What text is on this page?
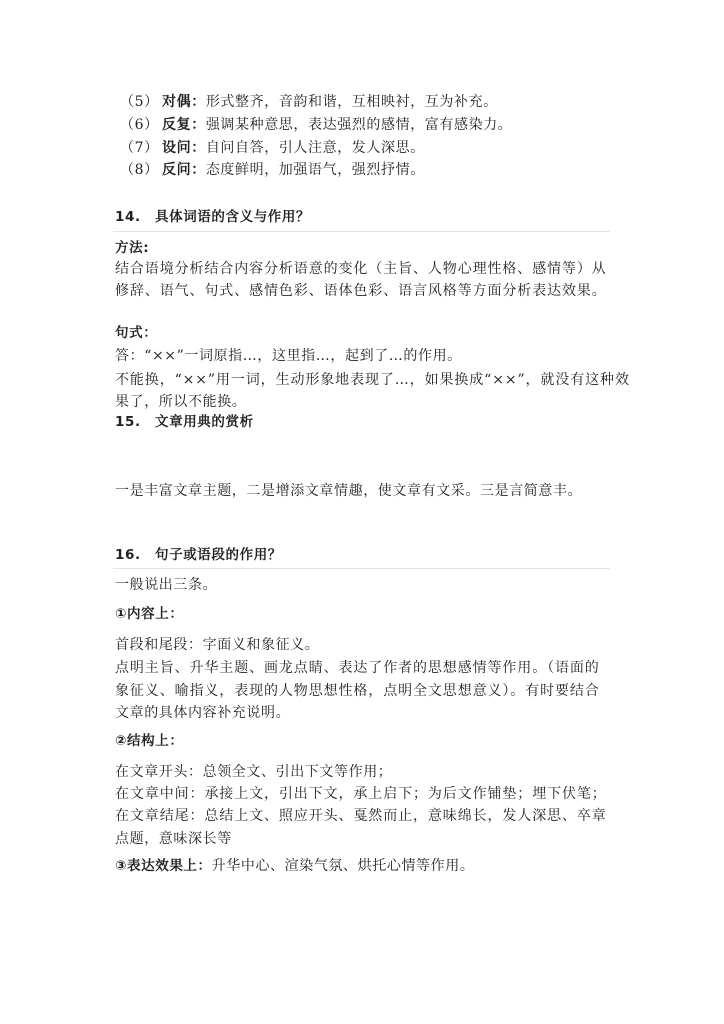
（5） 对偶：形式整齐，音韵和谐，互相映衬，互为补充。
（6） 反复：强调某种意思，表达强烈的感情，富有感染力。
（7） 设问：自问自答，引人注意，发人深思。
（8） 反问：态度鲜明，加强语气，强烈抒情。
14. 具体词语的含义与作用？
方法:
结合语境分析结合内容分析语意的变化（主旨、人物心理性格、感情等）从
修辞、语气、句式、感情色彩、语体色彩、语言风格等方面分析表达效果。
句式：
答：“××”一词原指…，这里指…，起到了…的作用。
不能换，“××”用一词，生动形象地表现了…，如果换成“××”，就没有这种效
果了，所以不能换。
15. 文章用典的赏析
一是丰富文章主题，二是增添文章情趣，使文章有文采。三是言简意丰。
16. 句子或语段的作用？
一般说出三条。
①内容上：
首段和尾段：字面义和象征义。
点明主旨、升华主题、画龙点睛、表达了作者的思想感情等作用。（语面的
象征义、喻指义，表现的人物思想性格，点明全文思想意义）。有时要结合
文章的具体内容补充说明。
②结构上：
在文章开头：总领全文、引出下文等作用；
在文章中间：承接上文，引出下文，承上启下；为后文作铺垫；埋下伏笔；
在文章结尾：总结上文、照应开头、戛然而止，意味绵长，发人深思、卒章
点题，意味深长等
③表达效果上：升华中心、渲染气氛、烘托心情等作用。
